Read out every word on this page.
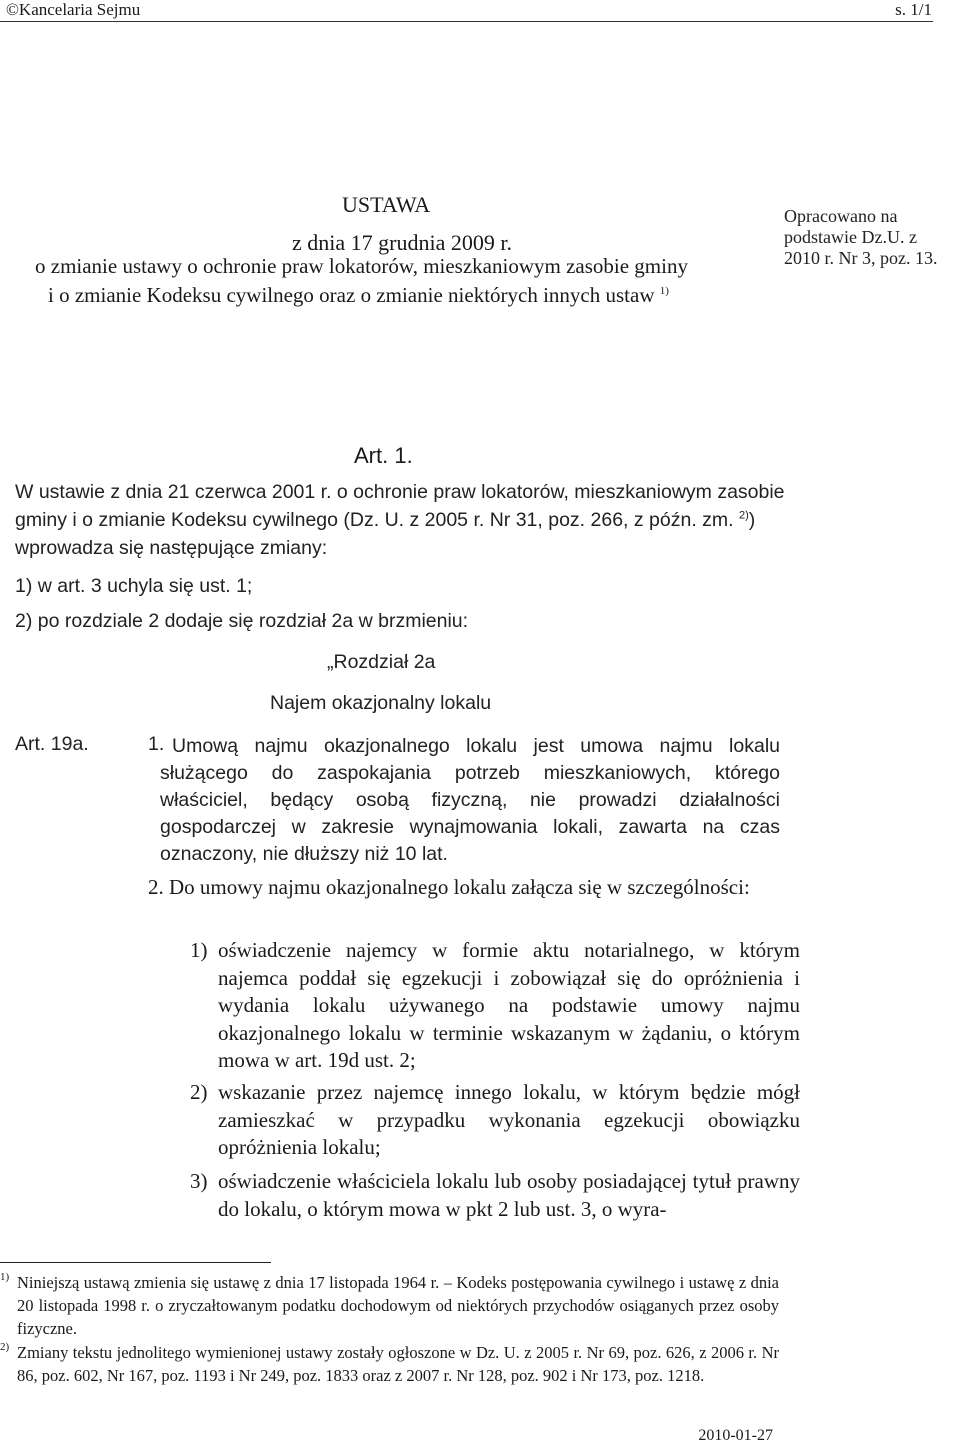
©Kancelaria Sejmu	s. 1/1
USTAWA
z dnia 17 grudnia 2009 r.
Opracowano na podstawie Dz.U. z 2010 r. Nr 3, poz. 13.
o zmianie ustawy o ochronie praw lokatorów, mieszkaniowym zasobie gminy
i o zmianie Kodeksu cywilnego oraz o zmianie niektórych innych ustaw $^{1)}$
Art. 1.
W ustawie z dnia 21 czerwca 2001 r. o ochronie praw lokatorów, mieszkaniowym zasobie gminy i o zmianie Kodeksu cywilnego (Dz. U. z 2005 r. Nr 31, poz. 266, z późn. zm. $^{2)}$) wprowadza się następujące zmiany:
1) w art. 3 uchyla się ust. 1;
2) po rozdziale 2 dodaje się rozdział 2a w brzmieniu:
„Rozdział 2a
Najem okazjonalny lokalu
Art. 19a.	1. Umową najmu okazjonalnego lokalu jest umowa najmu lokalu służącego do zaspokajania potrzeb mieszkaniowych, którego właściciel, będący osobą fizyczną, nie prowadzi działalności gospodarczej w zakresie wynajmowania lokali, zawarta na czas oznaczony, nie dłuższy niż 10 lat.
2. Do umowy najmu okazjonalnego lokalu załącza się w szczególności:
1) oświadczenie najemcy w formie aktu notarialnego, w którym najemca poddał się egzekucji i zobowiązał się do opróżnienia i wydania lokalu używanego na podstawie umowy najmu okazjonalnego lokalu w terminie wskazanym w żądaniu, o którym mowa w art. 19d ust. 2;
2) wskazanie przez najemcę innego lokalu, w którym będzie mógł zamieszkać w przypadku wykonania egzekucji obowiązku opróżnienia lokalu;
3) oświadczenie właściciela lokalu lub osoby posiadającej tytuł prawny do lokalu, o którym mowa w pkt 2 lub ust. 3, o wyra-
1) Niniejszą ustawą zmienia się ustawę z dnia 17 listopada 1964 r. – Kodeks postępowania cywilnego i ustawę z dnia 20 listopada 1998 r. o zryczałtowanym podatku dochodowym od niektórych przychodów osiąganych przez osoby fizyczne.
2) Zmiany tekstu jednolitego wymienionej ustawy zostały ogłoszone w Dz. U. z 2005 r. Nr 69, poz. 626, z 2006 r. Nr 86, poz. 602, Nr 167, poz. 1193 i Nr 249, poz. 1833 oraz z 2007 r. Nr 128, poz. 902 i Nr 173, poz. 1218.
2010-01-27
